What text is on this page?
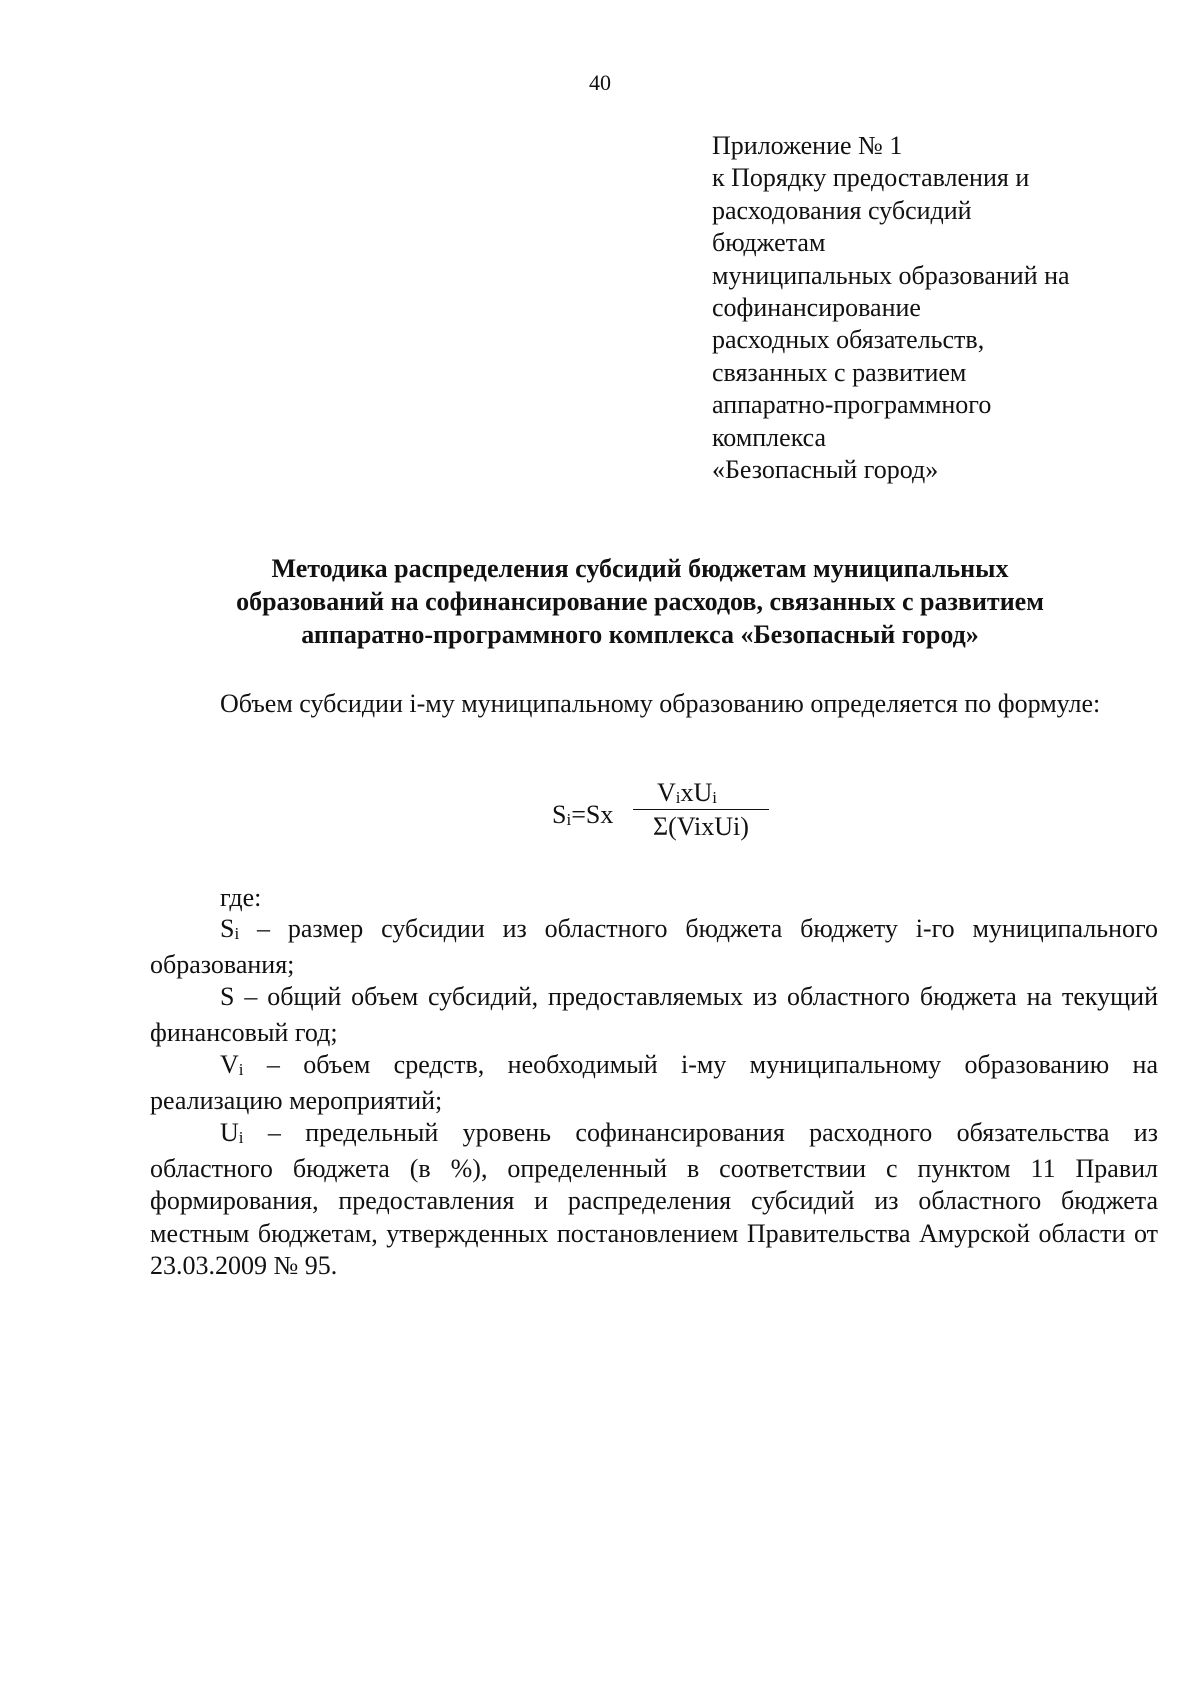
40
Приложение № 1
к Порядку предоставления и
расходования субсидий
бюджетам
муниципальных образований на
софинансирование
расходных обязательств,
связанных с развитием
аппаратно-программного
комплекса
«Безопасный город»
Методика распределения субсидий бюджетам муниципальных
образований на софинансирование расходов, связанных с развитием
аппаратно-программного комплекса «Безопасный город»
Объем субсидии i-му муниципальному образованию определяется по формуле:
Si=Sx
VixUi
Σ(VixUi)
где:

Si – размер субсидии из областного бюджета бюджету i-го муниципального образования;

S – общий объем субсидий, предоставляемых из областного бюджета на текущий финансовый год;

Vi – объем средств, необходимый i-му муниципальному образованию на реализацию мероприятий;

Ui – предельный уровень софинансирования расходного обязательства из областного бюджета (в %), определенный в соответствии с пунктом 11 Правил формирования, предоставления и распределения субсидий из областного бюджета местным бюджетам, утвержденных постановлением Правительства Амурской области от 23.03.2009 № 95.
